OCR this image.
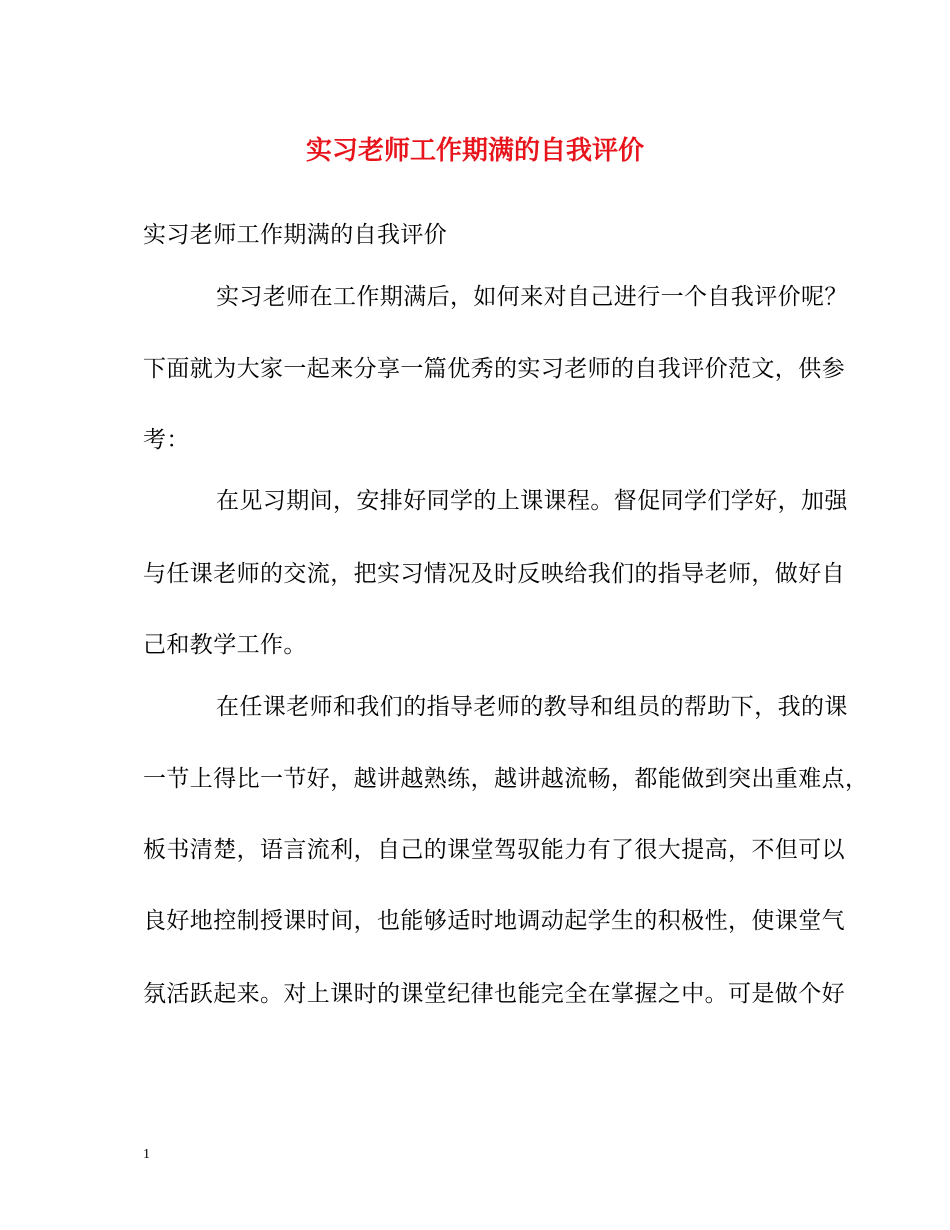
实习老师工作期满的自我评价
实习老师工作期满的自我评价
实习老师在工作期满后，如何来对自己进行一个自我评价呢？
下面就为大家一起来分享一篇优秀的实习老师的自我评价范文，供参
考：
在见习期间，安排好同学的上课课程。督促同学们学好，加强
与任课老师的交流，把实习情况及时反映给我们的指导老师，做好自
己和教学工作。
在任课老师和我们的指导老师的教导和组员的帮助下，我的课
一节上得比一节好，越讲越熟练，越讲越流畅，都能做到突出重难点，
板书清楚，语言流利，自己的课堂驾驭能力有了很大提高，不但可以
良好地控制授课时间，也能够适时地调动起学生的积极性，使课堂气
氛活跃起来。对上课时的课堂纪律也能完全在掌握之中。可是做个好
1
